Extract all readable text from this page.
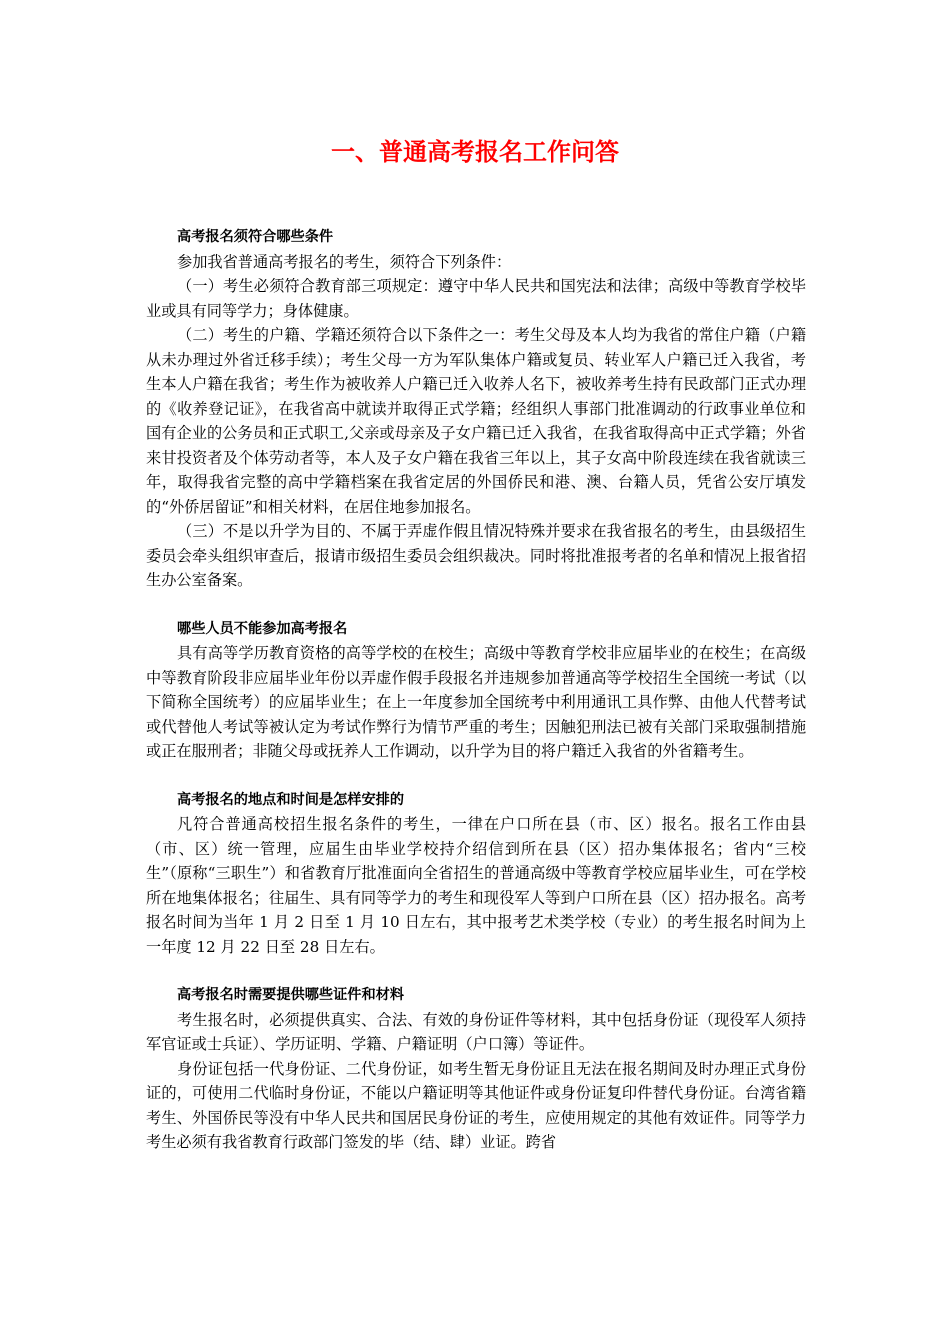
一、普通高考报名工作问答

高考报名须符合哪些条件

参加我省普通高考报名的考生，须符合下列条件：

（一）考生必须符合教育部三项规定：遵守中华人民共和国宪法和法律；高级中等教育学校毕业或具有同等学力；身体健康。

（二）考生的户籍、学籍还须符合以下条件之一：考生父母及本人均为我省的常住户籍（户籍从未办理过外省迁移手续）；考生父母一方为军队集体户籍或复员、转业军人户籍已迁入我省，考生本人户籍在我省；考生作为被收养人户籍已迁入收养人名下，被收养考生持有民政部门正式办理的《收养登记证》，在我省高中就读并取得正式学籍；经组织人事部门批准调动的行政事业单位和国有企业的公务员和正式职工,父亲或母亲及子女户籍已迁入我省，在我省取得高中正式学籍；外省来甘投资者及个体劳动者等，本人及子女户籍在我省三年以上，其子女高中阶段连续在我省就读三年，取得我省完整的高中学籍档案在我省定居的外国侨民和港、澳、台籍人员，凭省公安厅填发的“外侨居留证”和相关材料，在居住地参加报名。

（三）不是以升学为目的、不属于弄虚作假且情况特殊并要求在我省报名的考生，由县级招生委员会牵头组织审查后，报请市级招生委员会组织裁决。同时将批准报考者的名单和情况上报省招生办公室备案。

哪些人员不能参加高考报名

具有高等学历教育资格的高等学校的在校生；高级中等教育学校非应届毕业的在校生；在高级中等教育阶段非应届毕业年份以弄虚作假手段报名并违规参加普通高等学校招生全国统一考试（以下简称全国统考）的应届毕业生；在上一年度参加全国统考中利用通讯工具作弊、由他人代替考试或代替他人考试等被认定为考试作弊行为情节严重的考生；因触犯刑法已被有关部门采取强制措施或正在服刑者；非随父母或抚养人工作调动，以升学为目的将户籍迁入我省的外省籍考生。

高考报名的地点和时间是怎样安排的

凡符合普通高校招生报名条件的考生，一律在户口所在县（市、区）报名。报名工作由县（市、区）统一管理，应届生由毕业学校持介绍信到所在县（区）招办集体报名；省内“三校生”（原称“三职生”）和省教育厅批准面向全省招生的普通高级中等教育学校应届毕业生，可在学校所在地集体报名；往届生、具有同等学力的考生和现役军人等到户口所在县（区）招办报名。高考报名时间为当年 1 月 2 日至 1 月 10 日左右，其中报考艺术类学校（专业）的考生报名时间为上一年度 12 月 22 日至 28 日左右。

高考报名时需要提供哪些证件和材料

考生报名时，必须提供真实、合法、有效的身份证件等材料，其中包括身份证（现役军人须持军官证或士兵证）、学历证明、学籍、户籍证明（户口簿）等证件。

身份证包括一代身份证、二代身份证，如考生暂无身份证且无法在报名期间及时办理正式身份证的，可使用二代临时身份证，不能以户籍证明等其他证件或身份证复印件替代身份证。台湾省籍考生、外国侨民等没有中华人民共和国居民身份证的考生，应使用规定的其他有效证件。同等学力考生必须有我省教育行政部门签发的毕（结、肆）业证。跨省
